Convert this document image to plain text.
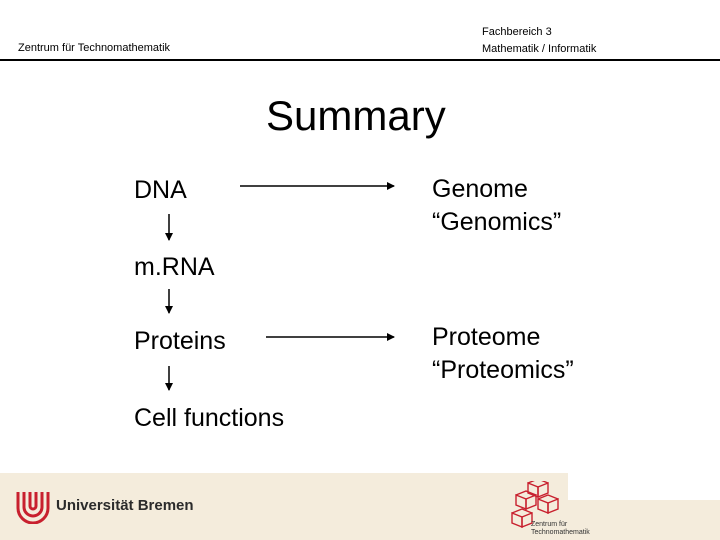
Zentrum für Technomathematik
Fachbereich 3
Mathematik / Informatik
Summary
DNA
m.RNA
Proteins
Cell functions
Genome
“Genomics”
Proteome
“Proteomics”
Universität Bremen
Zentrum für
Technomathematik
